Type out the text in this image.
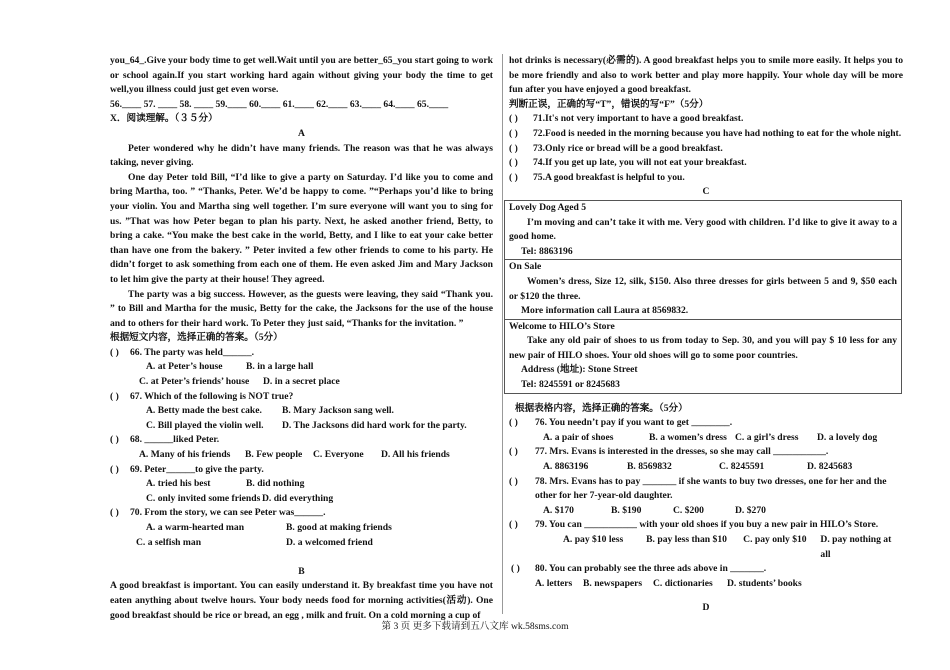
you_64_.Give your body time to get well.Wait until you are better_65_you start going to work or school again.If you start working hard again without giving your body the time to get well,you illness could just get even worse.

56.____ 57. ____ 58. ____ 59.____ 60.____ 61.____ 62.____ 63.____ 64.____ 65.____

X．阅读理解。（３５分）

A

Peter wondered why he didn’t have many friends. The reason was that he was always taking, never giving.

One day Peter told Bill, “I’d like to give a party on Saturday. I’d like you to come and bring Martha, too. ” “Thanks, Peter. We’d be happy to come. ”“Perhaps you’d like to bring your violin. You and Martha sing well together. I’m sure everyone will want you to sing for us. ”That was how Peter began to plan his party. Next, he asked another friend, Betty, to bring a cake. “You make the best cake in the world, Betty, and I like to eat your cake better than have one from the bakery. ” Peter invited a few other friends to come to his party. He didn’t forget to ask something from each one of them. He even asked Jim and Mary Jackson to let him give the party at their house! They agreed.

The party was a big success. However, as the guests were leaving, they said “Thank you. ” to Bill and Martha for the music, Betty for the cake, the Jacksons for the use of the house and to others for their hard work. To Peter they just said, “Thanks for the invitation. ”

根据短文内容，选择正确的答案。（5分）

( )	66. The party was held______.
A. at Peter’s house	B. in a large hall
C. at Peter’s friends’ house	D. in a secret place
( )	67. Which of the following is NOT true?
A. Betty made the best cake.	B. Mary Jackson sang well.
C. Bill played the violin well.	D. The Jacksons did hard work for the party.
( )	68. ______liked Peter.
A. Many of his friends	B. Few people	C. Everyone	D. All his friends
( )	69. Peter______to give the party.
A. tried his best	B. did nothing
C. only invited some friends D. did everything
( )	70. From the story, we can see Peter was______.
A. a warm-hearted man	B. good at making friends
C. a selfish man	D. a welcomed friend

B

A good breakfast is important. You can easily understand it. By breakfast time you have not eaten anything about twelve hours. Your body needs food for morning activities(活动). One good breakfast should be rice or bread, an egg , milk and fruit. On a cold morning a cup of

hot drinks is necessary(必需的). A good breakfast helps you to smile more easily. It helps you to be more friendly and also to work better and play more happily. Your whole day will be more fun after you have enjoyed a good breakfast.

判断正误，正确的写“T”，错误的写“F”（5分）

( )	71.It's not very important to have a good breakfast.
( )	72.Food is needed in the morning because you have had nothing to eat for the whole night.
( )	73.Only rice or bread will be a good breakfast.
( )	74.If you get up late, you will not eat your breakfast.
( )	75.A good breakfast is helpful to you.

C

Lovely Dog Aged 5

I’m moving and can’t take it with me. Very good with children. I’d like to give it away to a good home.

Tel: 8863196

On Sale

Women’s dress, Size 12, silk, $150. Also three dresses for girls between 5 and 9, $50 each or $120 the three.

More information call Laura at 8569832.

Welcome to HILO’s Store

Take any old pair of shoes to us from today to Sep. 30, and you will pay $ 10 less for any new pair of HILO shoes. Your old shoes will go to some poor countries.

Address (地址): Stone Street

Tel: 8245591 or 8245683

根据表格内容，选择正确的答案。（5分）

( )	76. You needn’t pay if you want to get ________.
A. a pair of shoes	B. a women’s dress C. a girl’s dress	D. a lovely dog
( )	77. Mrs. Evans is interested in the dresses, so she may call ___________.
A. 8863196	B. 8569832	C. 8245591	D. 8245683
( )	78. Mrs. Evans has to pay _______ if she wants to buy two dresses, one for her and the other for her 7-year-old daughter.
A. $170	B. $190	C. $200	D. $270
( )	79. You can ___________ with your old shoes if you buy a new pair in HILO’s Store.
A. pay $10 less	B. pay less than $10	C. pay only $10	D. pay nothing at all
( )	80. You can probably see the three ads above in _______.
A. letters	B. newspapers	C. dictionaries	D. students’ books

D

第 3 页 更多下载请到五八文库 wk.58sms.com
